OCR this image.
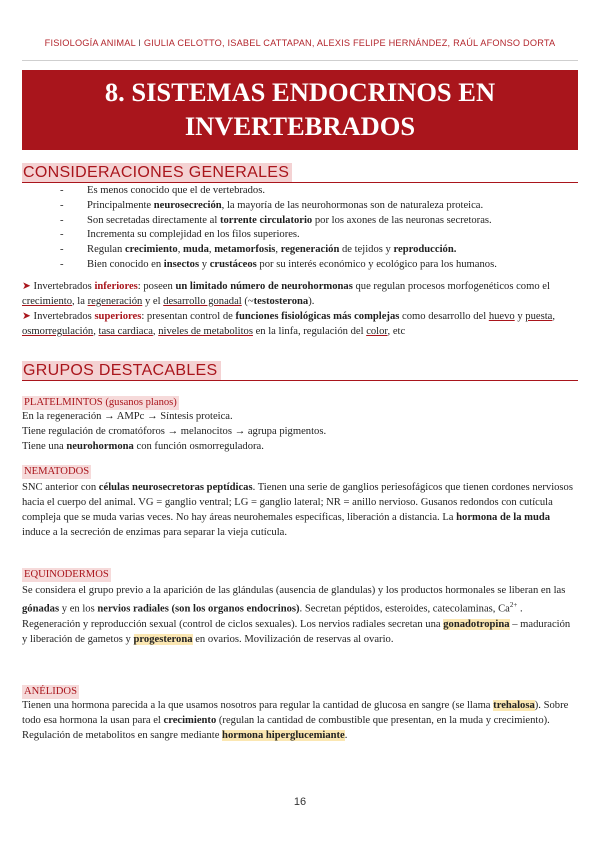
FISIOLOGÍA ANIMAL I GIULIA CELOTTO, ISABEL CATTAPAN, ALEXIS FELIPE HERNÁNDEZ, RAÚL AFONSO DORTA
8. SISTEMAS ENDOCRINOS EN INVERTEBRADOS
CONSIDERACIONES GENERALES
- Es menos conocido que el de vertebrados.
- Principalmente neurosecreción, la mayoría de las neurohormonas son de naturaleza proteica.
- Son secretadas directamente al torrente circulatorio por los axones de las neuronas secretoras.
- Incrementa su complejidad en los filos superiores.
- Regulan crecimiento, muda, metamorfosis, regeneración de tejidos y reproducción.
- Bien conocido en insectos y crustáceos por su interés económico y ecológico para los humanos.
➤ Invertebrados inferiores: poseen un limitado número de neurohormonas que regulan procesos morfogenéticos como el crecimiento, la regeneración y el desarrollo gonadal (~testosterona).
➤ Invertebrados superiores: presentan control de funciones fisiológicas más complejas como desarrollo del huevo y puesta, osmorregulación, tasa cardiaca, niveles de metabolitos en la linfa, regulación del color, etc
GRUPOS DESTACABLES
PLATELMINTOS (gusanos planos)
En la regeneración → AMPc → Síntesis proteica.
Tiene regulación de cromatóforos → melanocitos → agrupa pigmentos.
Tiene una neurohormona con función osmorreguladora.
NEMATODOS
SNC anterior con células neurosecretoras peptídicas. Tienen una serie de ganglios periesofágicos que tienen cordones nerviosos hacia el cuerpo del animal. VG = ganglio ventral; LG = ganglio lateral; NR = anillo nervioso. Gusanos redondos con cutícula compleja que se muda varias veces. No hay áreas neurohemales específicas, liberación a distancia. La hormona de la muda induce a la secreción de enzimas para separar la vieja cutícula.
EQUINODERMOS
Se considera el grupo previo a la aparición de las glándulas (ausencia de glandulas) y los productos hormonales se liberan en las gónadas y en los nervios radiales (son los organos endocrinos). Secretan péptidos, esteroides, catecolaminas, $Ca^{2+}$ .
Regeneración y reproducción sexual (control de ciclos sexuales). Los nervios radiales secretan una gonadotropina – maduración y liberación de gametos y progesterona en ovarios. Movilización de reservas al ovario.
ANÉLIDOS
Tienen una hormona parecida a la que usamos nosotros para regular la cantidad de glucosa en sangre (se llama trehalosa). Sobre todo esa hormona la usan para el crecimiento (regulan la cantidad de combustible que presentan, en la muda y crecimiento).
Regulación de metabolitos en sangre mediante hormona hiperglucemiante.
16
